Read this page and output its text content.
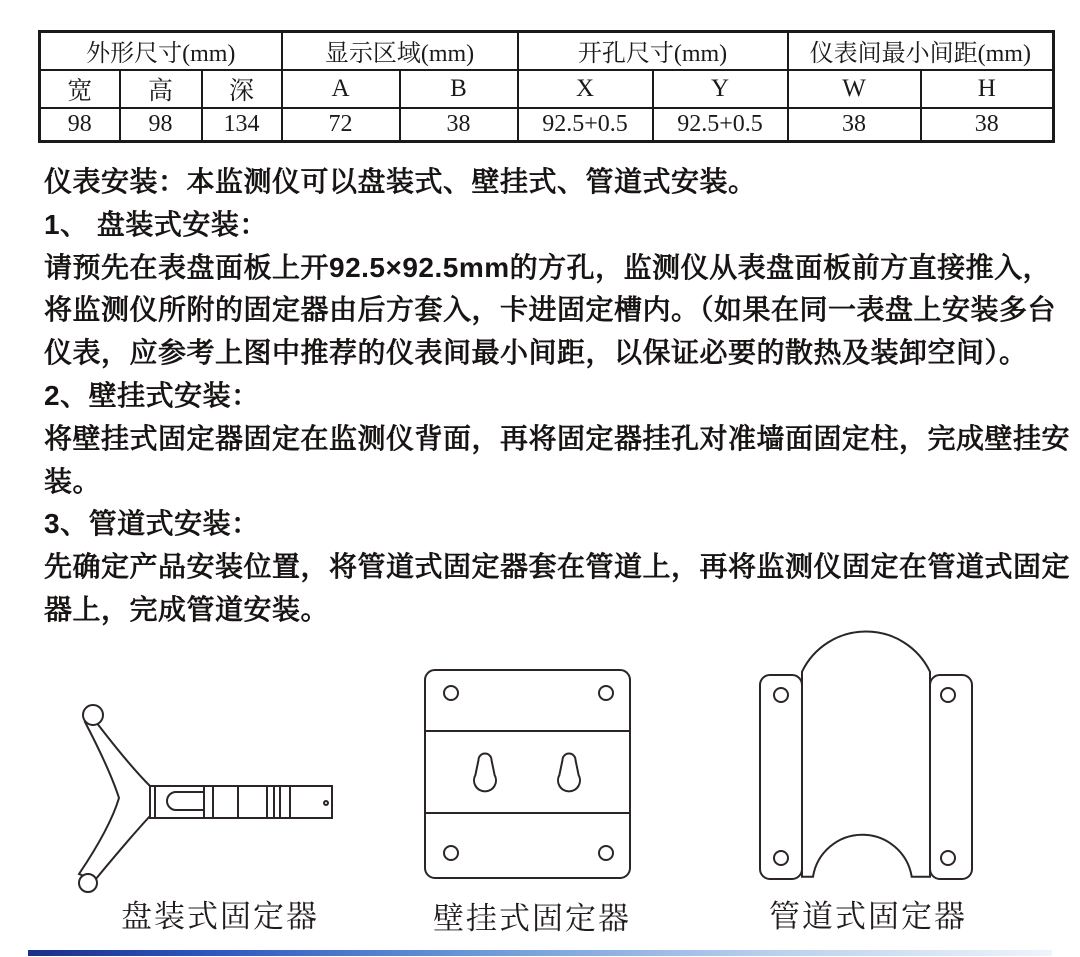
外形尺寸(mm)			显示区域(mm)		开孔尺寸(mm)		仪表间最小间距(mm)	
宽	高	深	A	B	X	Y	W	H
98	98	134	72	38	92.5+0.5	92.5+0.5	38	38
仪表安装：本监测仪可以盘装式、壁挂式、管道式安装。
1、 盘装式安装：
请预先在表盘面板上开92.5×92.5mm的方孔，监测仪从表盘面板前方直接推入，
将监测仪所附的固定器由后方套入，卡进固定槽内。（如果在同一表盘上安装多台
仪表，应参考上图中推荐的仪表间最小间距，以保证必要的散热及装卸空间）。
2、壁挂式安装：
将壁挂式固定器固定在监测仪背面，再将固定器挂孔对准墙面固定柱，完成壁挂安
装。
3、管道式安装：
先确定产品安装位置，将管道式固定器套在管道上，再将监测仪固定在管道式固定
器上，完成管道安装。
盘装式固定器	壁挂式固定器	管道式固定器
